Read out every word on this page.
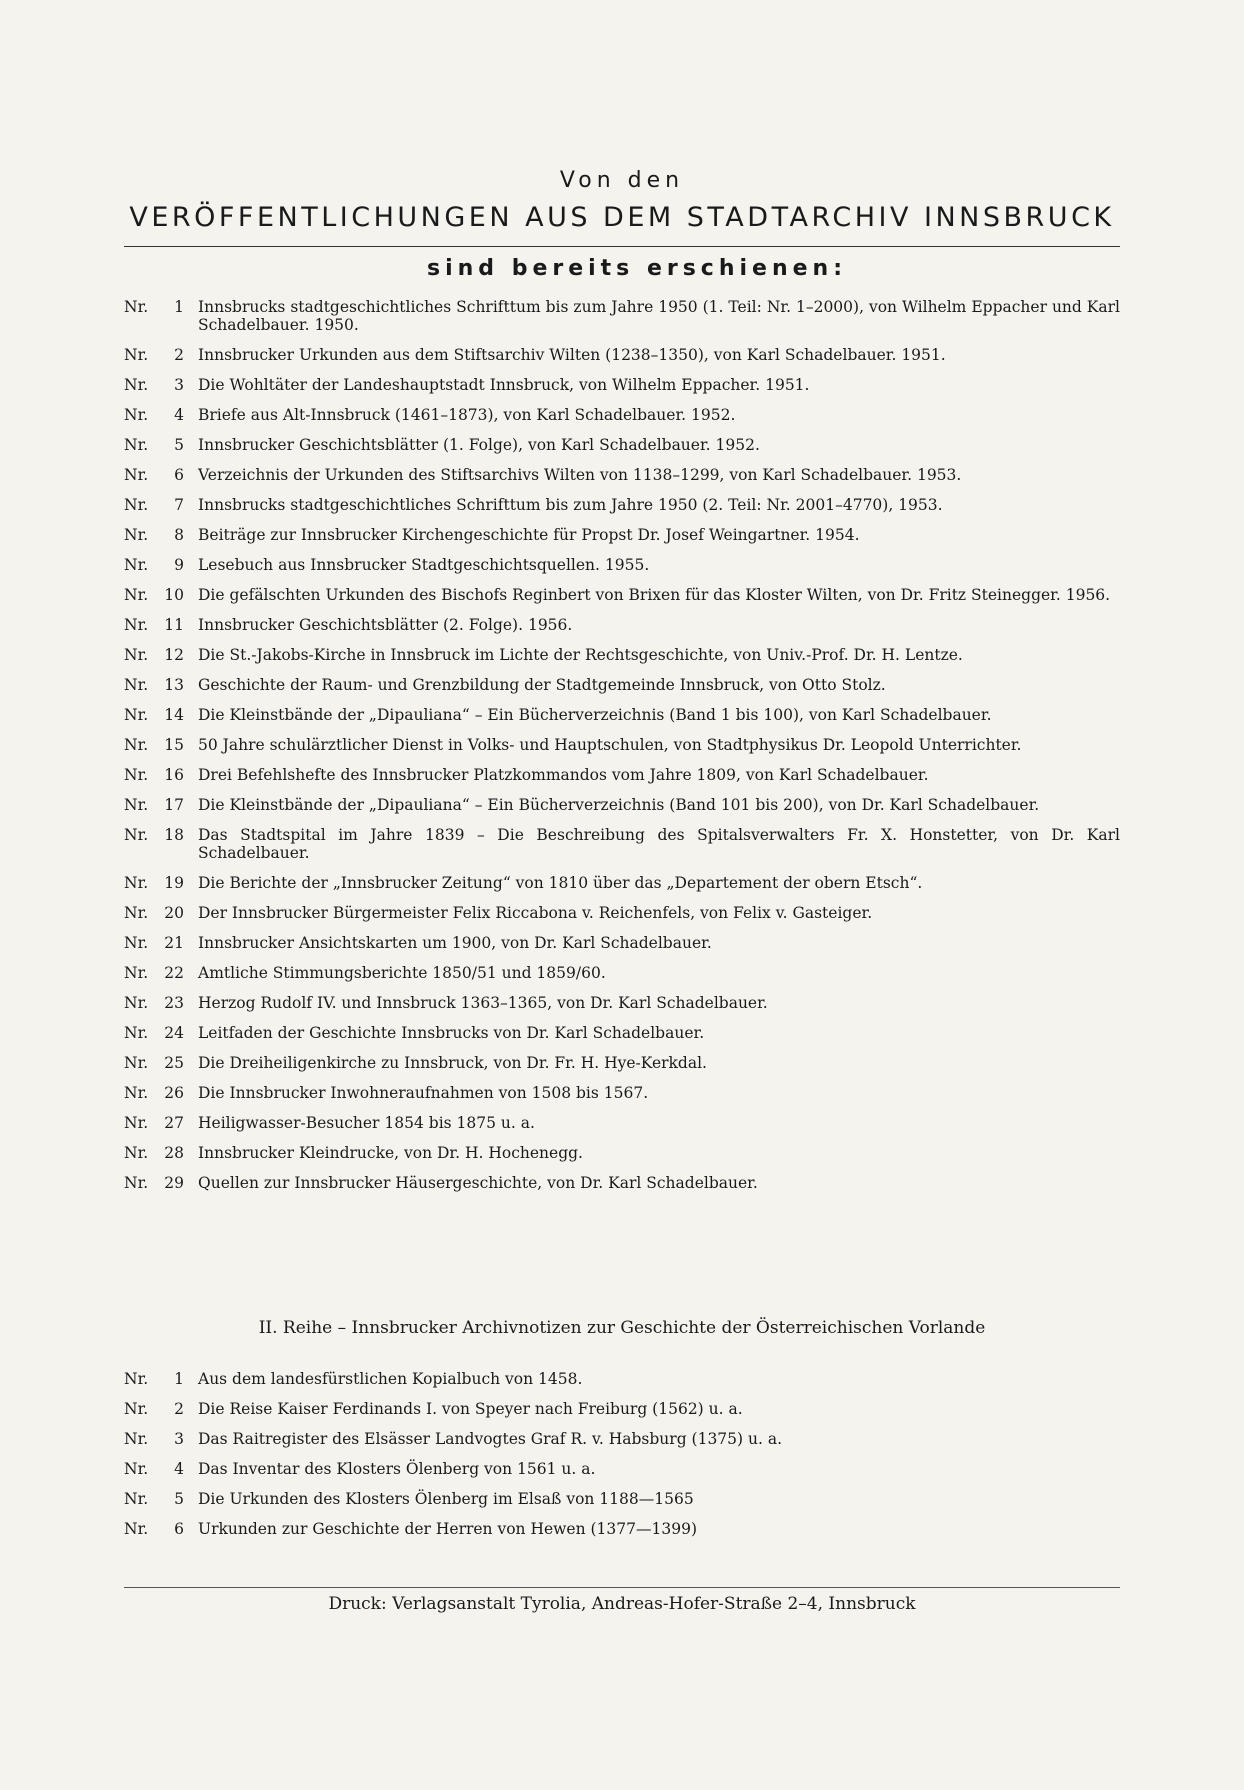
Von den
VERÖFFENTLICHUNGEN AUS DEM STADTARCHIV INNSBRUCK
sind bereits erschienen:
Nr.	1 Innsbrucks stadtgeschichtliches Schrifttum bis zum Jahre 1950 (1. Teil: Nr. 1–2000), von Wilhelm Eppacher und Karl Schadelbauer. 1950.
Nr.	2 Innsbrucker Urkunden aus dem Stiftsarchiv Wilten (1238–1350), von Karl Schadelbauer. 1951.
Nr.	3 Die Wohltäter der Landeshauptstadt Innsbruck, von Wilhelm Eppacher. 1951.
Nr.	4 Briefe aus Alt-Innsbruck (1461–1873), von Karl Schadelbauer. 1952.
Nr.	5 Innsbrucker Geschichtsblätter (1. Folge), von Karl Schadelbauer. 1952.
Nr.	6 Verzeichnis der Urkunden des Stiftsarchivs Wilten von 1138–1299, von Karl Schadelbauer. 1953.
Nr.	7 Innsbrucks stadtgeschichtliches Schrifttum bis zum Jahre 1950 (2. Teil: Nr. 2001–4770), 1953.
Nr.	8 Beiträge zur Innsbrucker Kirchengeschichte für Propst Dr. Josef Weingartner. 1954.
Nr.	9 Lesebuch aus Innsbrucker Stadtgeschichtsquellen. 1955.
Nr.	10 Die gefälschten Urkunden des Bischofs Reginbert von Brixen für das Kloster Wilten, von Dr. Fritz Steinegger. 1956.
Nr.	11 Innsbrucker Geschichtsblätter (2. Folge). 1956.
Nr.	12 Die St.-Jakobs-Kirche in Innsbruck im Lichte der Rechtsgeschichte, von Univ.-Prof. Dr. H. Lentze.
Nr.	13 Geschichte der Raum- und Grenzbildung der Stadtgemeinde Innsbruck, von Otto Stolz.
Nr.	14 Die Kleinstbände der „Dipauliana“ – Ein Bücherverzeichnis (Band 1 bis 100), von Karl Schadelbauer.
Nr.	15 50 Jahre schulärztlicher Dienst in Volks- und Hauptschulen, von Stadtphysikus Dr. Leopold Unterrichter.
Nr.	16 Drei Befehlshefte des Innsbrucker Platzkommandos vom Jahre 1809, von Karl Schadelbauer.
Nr.	17 Die Kleinstbände der „Dipauliana“ – Ein Bücherverzeichnis (Band 101 bis 200), von Dr. Karl Schadelbauer.
Nr.	18 Das Stadtspital im Jahre 1839 – Die Beschreibung des Spitalsverwalters Fr. X. Honstetter, von Dr. Karl Schadelbauer.
Nr.	19 Die Berichte der „Innsbrucker Zeitung“ von 1810 über das „Departement der obern Etsch“.
Nr.	20 Der Innsbrucker Bürgermeister Felix Riccabona v. Reichenfels, von Felix v. Gasteiger.
Nr.	21 Innsbrucker Ansichtskarten um 1900, von Dr. Karl Schadelbauer.
Nr.	22 Amtliche Stimmungsberichte 1850/51 und 1859/60.
Nr.	23 Herzog Rudolf IV. und Innsbruck 1363–1365, von Dr. Karl Schadelbauer.
Nr.	24 Leitfaden der Geschichte Innsbrucks von Dr. Karl Schadelbauer.
Nr.	25 Die Dreiheiligenkirche zu Innsbruck, von Dr. Fr. H. Hye-Kerkdal.
Nr.	26 Die Innsbrucker Inwohneraufnahmen von 1508 bis 1567.
Nr.	27 Heiligwasser-Besucher 1854 bis 1875 u. a.
Nr.	28 Innsbrucker Kleindrucke, von Dr. H. Hochenegg.
Nr.	29 Quellen zur Innsbrucker Häusergeschichte, von Dr. Karl Schadelbauer.
II. Reihe – Innsbrucker Archivnotizen zur Geschichte der Österreichischen Vorlande
Nr.	1 Aus dem landesfürstlichen Kopialbuch von 1458.
Nr.	2 Die Reise Kaiser Ferdinands I. von Speyer nach Freiburg (1562) u. a.
Nr.	3 Das Raitregister des Elsässer Landvogtes Graf R. v. Habsburg (1375) u. a.
Nr.	4 Das Inventar des Klosters Ölenberg von 1561 u. a.
Nr.	5 Die Urkunden des Klosters Ölenberg im Elsaß von 1188—1565
Nr.	6 Urkunden zur Geschichte der Herren von Hewen (1377—1399)
Druck: Verlagsanstalt Tyrolia, Andreas-Hofer-Straße 2–4, Innsbruck
